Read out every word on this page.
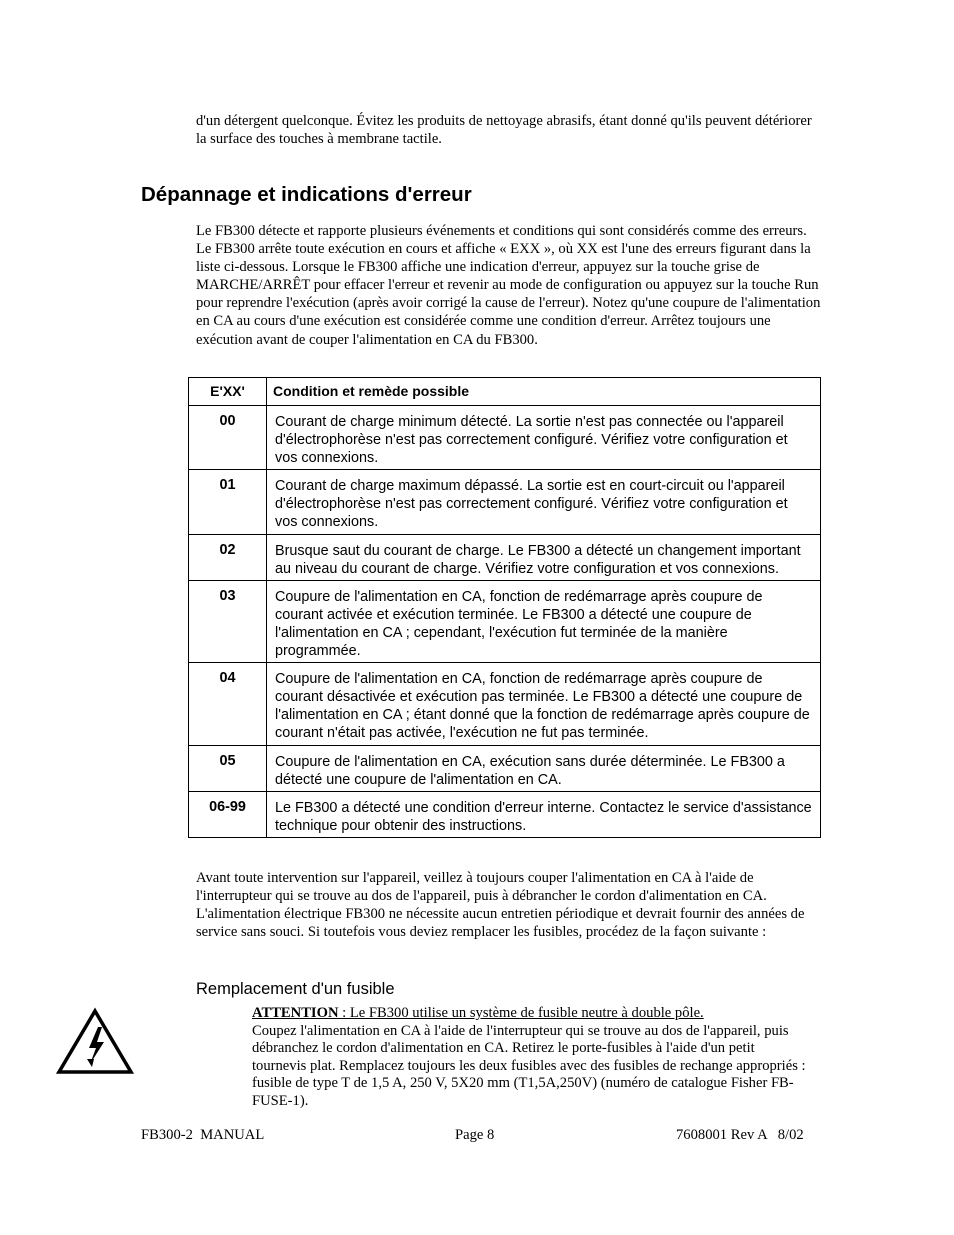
d'un détergent quelconque. Évitez les produits de nettoyage abrasifs, étant donné qu'ils peuvent détériorer la surface des touches à membrane tactile.
Dépannage et indications d'erreur
Le FB300 détecte et rapporte plusieurs événements et conditions qui sont considérés comme des erreurs. Le FB300 arrête toute exécution en cours et affiche « EXX », où XX est l'une des erreurs figurant dans la liste ci-dessous. Lorsque le FB300 affiche une indication d'erreur, appuyez sur la touche grise de MARCHE/ARRÊT pour effacer l'erreur et revenir au mode de configuration ou appuyez sur la touche Run pour reprendre l'exécution (après avoir corrigé la cause de l'erreur). Notez qu'une coupure de l'alimentation en CA au cours d'une exécution est considérée comme une condition d'erreur. Arrêtez toujours une exécution avant de couper l'alimentation en CA du FB300.
E'XX'	Condition et remède possible
00	Courant de charge minimum détecté. La sortie n'est pas connectée ou l'appareil d'électrophorèse n'est pas correctement configuré. Vérifiez votre configuration et vos connexions.
01	Courant de charge maximum dépassé. La sortie est en court-circuit ou l'appareil d'électrophorèse n'est pas correctement configuré. Vérifiez votre configuration et vos connexions.
02	Brusque saut du courant de charge. Le FB300 a détecté un changement important au niveau du courant de charge. Vérifiez votre configuration et vos connexions.
03	Coupure de l'alimentation en CA, fonction de redémarrage après coupure de courant activée et exécution terminée. Le FB300 a détecté une coupure de l'alimentation en CA ; cependant, l'exécution fut terminée de la manière programmée.
04	Coupure de l'alimentation en CA, fonction de redémarrage après coupure de courant désactivée et exécution pas terminée. Le FB300 a détecté une coupure de l'alimentation en CA ; étant donné que la fonction de redémarrage après coupure de courant n'était pas activée, l'exécution ne fut pas terminée.
05	Coupure de l'alimentation en CA, exécution sans durée déterminée. Le FB300 a détecté une coupure de l'alimentation en CA.
06-99	Le FB300 a détecté une condition d'erreur interne. Contactez le service d'assistance technique pour obtenir des instructions.
Avant toute intervention sur l'appareil, veillez à toujours couper l'alimentation en CA à l'aide de l'interrupteur qui se trouve au dos de l'appareil, puis à débrancher le cordon d'alimentation en CA. L'alimentation électrique FB300 ne nécessite aucun entretien périodique et devrait fournir des années de service sans souci. Si toutefois vous deviez remplacer les fusibles, procédez de la façon suivante :
Remplacement d'un fusible
ATTENTION : Le FB300 utilise un système de fusible neutre à double pôle.
Coupez l'alimentation en CA à l'aide de l'interrupteur qui se trouve au dos de l'appareil, puis débranchez le cordon d'alimentation en CA. Retirez le porte-fusibles à l'aide d'un petit tournevis plat. Remplacez toujours les deux fusibles avec des fusibles de rechange appropriés : fusible de type T de 1,5 A, 250 V, 5X20 mm (T1,5A,250V) (numéro de catalogue Fisher FB-FUSE-1).
FB300-2  MANUAL	Page 8	7608001 Rev A   8/02
